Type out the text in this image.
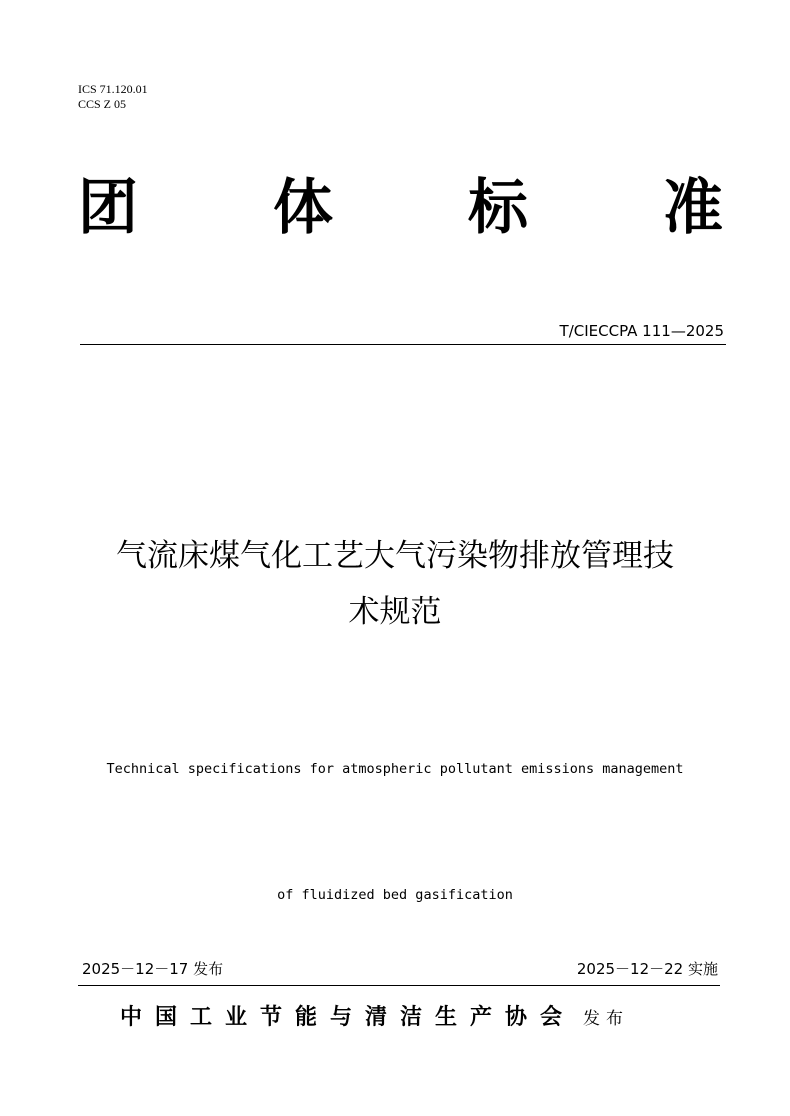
ICS 71.120.01
CCS Z 05
团 体 标 准
T/CIECCPA 111—2025
气流床煤气化工艺大气污染物排放管理技
术规范

Technical specifications for atmospheric pollutant emissions management

of fluidized bed gasification

2025－12－17 发布	2025－12－22 实施
中国工业节能与清洁生产协会 发布
